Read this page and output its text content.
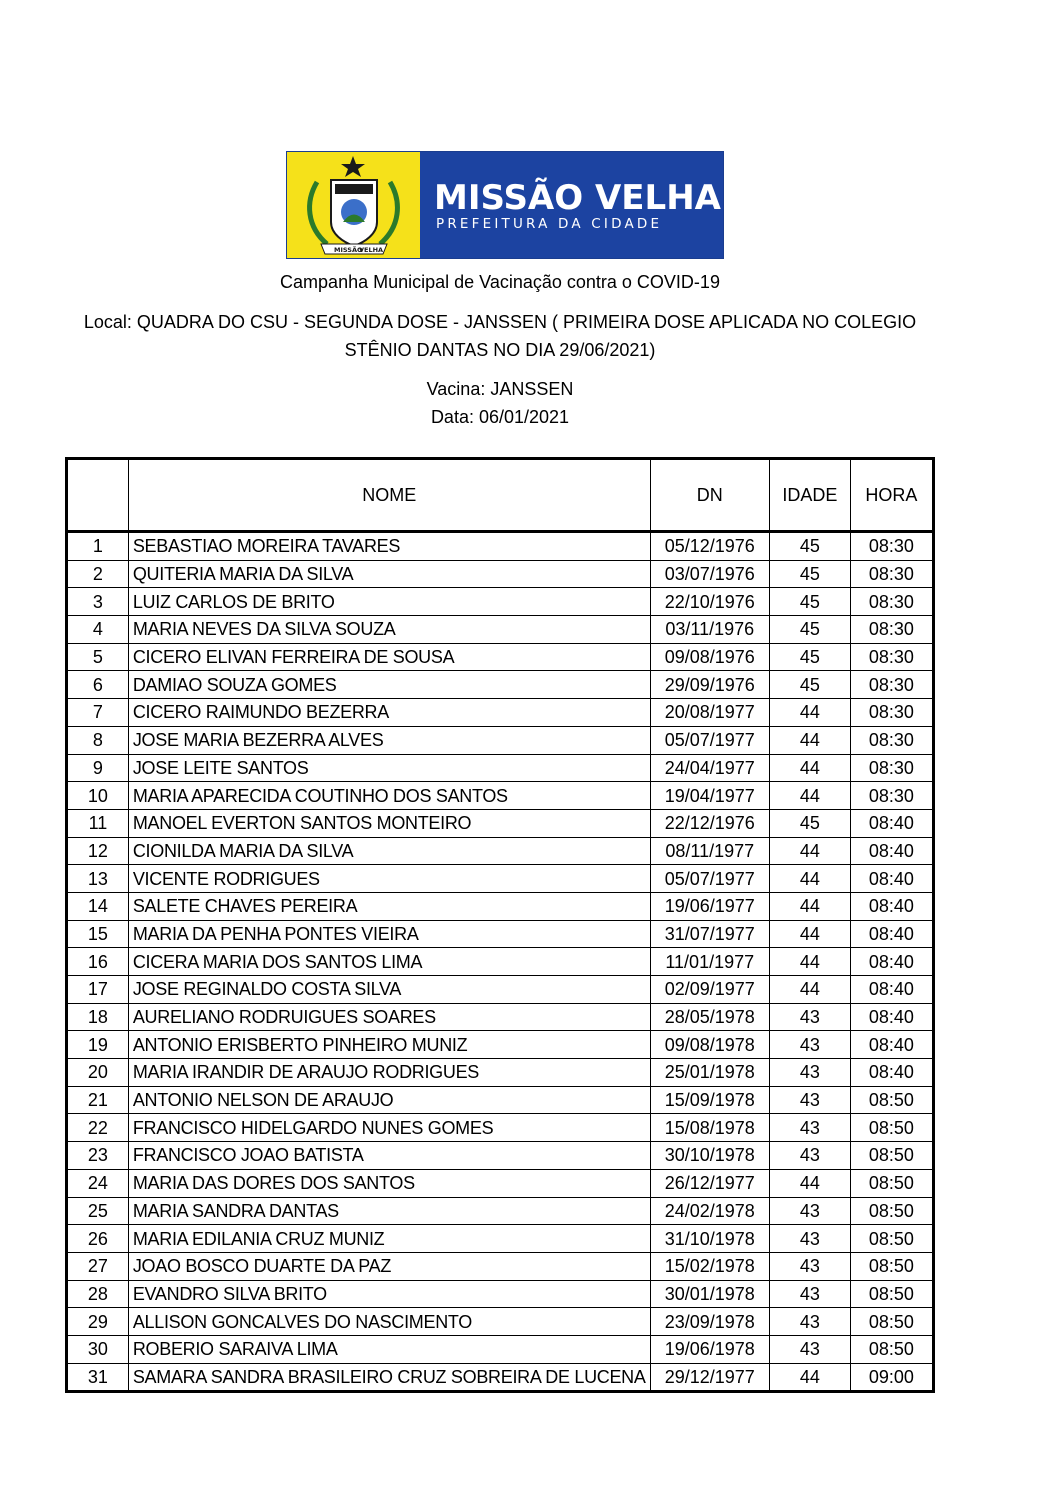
MISSÃO
VELHA
MISSÃO VELHA
PREFEITURA DA CIDADE
Campanha Municipal de Vacinação contra o COVID-19
Local: QUADRA DO CSU - SEGUNDA DOSE - JANSSEN ( PRIMEIRA DOSE APLICADA NO COLEGIO
STÊNIO DANTAS NO DIA 29/06/2021)
Vacina: JANSSEN
Data: 06/01/2021
	NOME	DN	IDADE	HORA
1	SEBASTIAO MOREIRA TAVARES	05/12/1976	45	08:30
2	QUITERIA MARIA DA SILVA	03/07/1976	45	08:30
3	LUIZ CARLOS DE BRITO	22/10/1976	45	08:30
4	MARIA NEVES DA SILVA SOUZA	03/11/1976	45	08:30
5	CICERO ELIVAN FERREIRA DE SOUSA	09/08/1976	45	08:30
6	DAMIAO SOUZA GOMES	29/09/1976	45	08:30
7	CICERO RAIMUNDO BEZERRA	20/08/1977	44	08:30
8	JOSE MARIA BEZERRA ALVES	05/07/1977	44	08:30
9	JOSE LEITE SANTOS	24/04/1977	44	08:30
10	MARIA APARECIDA COUTINHO DOS SANTOS	19/04/1977	44	08:30
11	MANOEL EVERTON SANTOS MONTEIRO	22/12/1976	45	08:40
12	CIONILDA MARIA DA SILVA	08/11/1977	44	08:40
13	VICENTE RODRIGUES	05/07/1977	44	08:40
14	SALETE CHAVES PEREIRA	19/06/1977	44	08:40
15	MARIA DA PENHA PONTES VIEIRA	31/07/1977	44	08:40
16	CICERA MARIA DOS SANTOS LIMA	11/01/1977	44	08:40
17	JOSE REGINALDO COSTA SILVA	02/09/1977	44	08:40
18	AURELIANO RODRUIGUES SOARES	28/05/1978	43	08:40
19	ANTONIO ERISBERTO PINHEIRO MUNIZ	09/08/1978	43	08:40
20	MARIA IRANDIR DE ARAUJO RODRIGUES	25/01/1978	43	08:40
21	ANTONIO NELSON DE ARAUJO	15/09/1978	43	08:50
22	FRANCISCO HIDELGARDO NUNES GOMES	15/08/1978	43	08:50
23	FRANCISCO JOAO BATISTA	30/10/1978	43	08:50
24	MARIA DAS DORES DOS SANTOS	26/12/1977	44	08:50
25	MARIA SANDRA DANTAS	24/02/1978	43	08:50
26	MARIA EDILANIA CRUZ MUNIZ	31/10/1978	43	08:50
27	JOAO BOSCO DUARTE DA PAZ	15/02/1978	43	08:50
28	EVANDRO SILVA BRITO	30/01/1978	43	08:50
29	ALLISON GONCALVES DO NASCIMENTO	23/09/1978	43	08:50
30	ROBERIO SARAIVA LIMA	19/06/1978	43	08:50
31	SAMARA SANDRA BRASILEIRO CRUZ SOBREIRA DE LUCENA	29/12/1977	44	09:00
